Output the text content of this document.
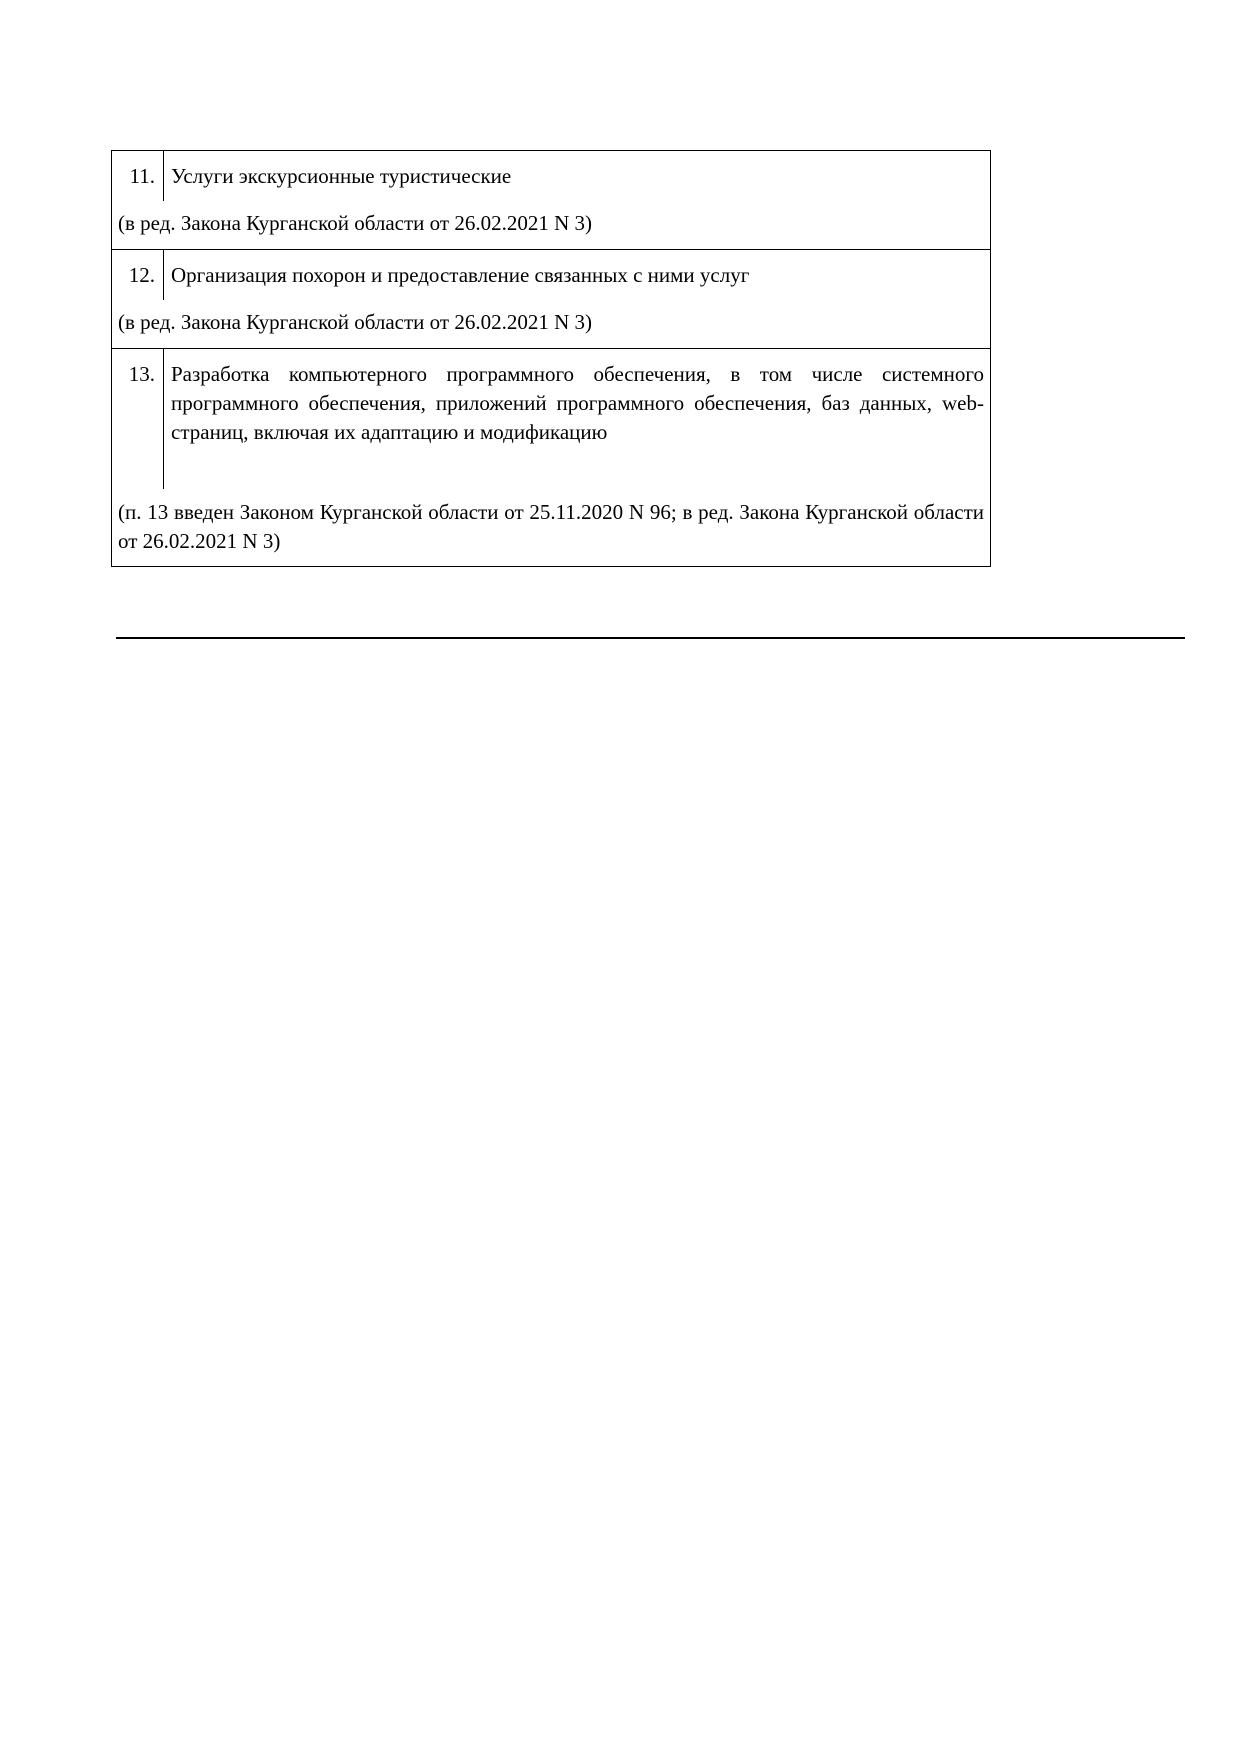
11. Услуги экскурсионные туристические
(в ред. Закона Курганской области от 26.02.2021 N 3)
12. Организация похорон и предоставление связанных с ними услуг
(в ред. Закона Курганской области от 26.02.2021 N 3)
13. Разработка компьютерного программного обеспечения, в том числе системного программного обеспечения, приложений программного обеспечения, баз данных, web-страниц, включая их адаптацию и модификацию
(п. 13 введен Законом Курганской области от 25.11.2020 N 96; в ред. Закона Курганской области от 26.02.2021 N 3)
